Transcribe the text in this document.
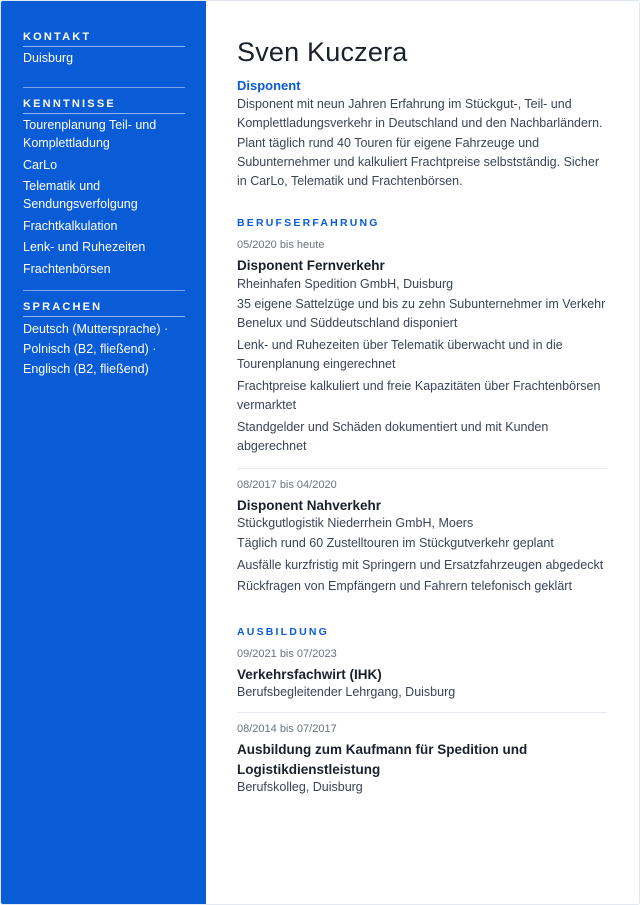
KONTAKT
Duisburg
KENNTNISSE
Tourenplanung Teil- und Komplettladung
CarLo
Telematik und Sendungsverfolgung
Frachtkalkulation
Lenk- und Ruhezeiten
Frachtenbörsen
SPRACHEN
Deutsch (Muttersprache) ·
Polnisch (B2, fließend) ·
Englisch (B2, fließend)
Sven Kuczera
Disponent

Disponent mit neun Jahren Erfahrung im Stückgut-, Teil- und Komplettladungsverkehr in Deutschland und den Nachbarländern. Plant täglich rund 40 Touren für eigene Fahrzeuge und Subunternehmer und kalkuliert Frachtpreise selbstständig. Sicher in CarLo, Telematik und Frachtenbörsen.

BERUFSERFAHRUNG
05/2020 bis heute
Disponent Fernverkehr
Rheinhafen Spedition GmbH, Duisburg
35 eigene Sattelzüge und bis zu zehn Subunternehmer im Verkehr Benelux und Süddeutschland disponiert
Lenk- und Ruhezeiten über Telematik überwacht und in die Tourenplanung eingerechnet
Frachtpreise kalkuliert und freie Kapazitäten über Frachtenbörsen vermarktet
Standgelder und Schäden dokumentiert und mit Kunden abgerechnet
08/2017 bis 04/2020
Disponent Nahverkehr
Stückgutlogistik Niederrhein GmbH, Moers
Täglich rund 60 Zustelltouren im Stückgutverkehr geplant
Ausfälle kurzfristig mit Springern und Ersatzfahrzeugen abgedeckt
Rückfragen von Empfängern und Fahrern telefonisch geklärt
AUSBILDUNG
09/2021 bis 07/2023
Verkehrsfachwirt (IHK)
Berufsbegleitender Lehrgang, Duisburg
08/2014 bis 07/2017
Ausbildung zum Kaufmann für Spedition und Logistikdienstleistung
Berufskolleg, Duisburg
